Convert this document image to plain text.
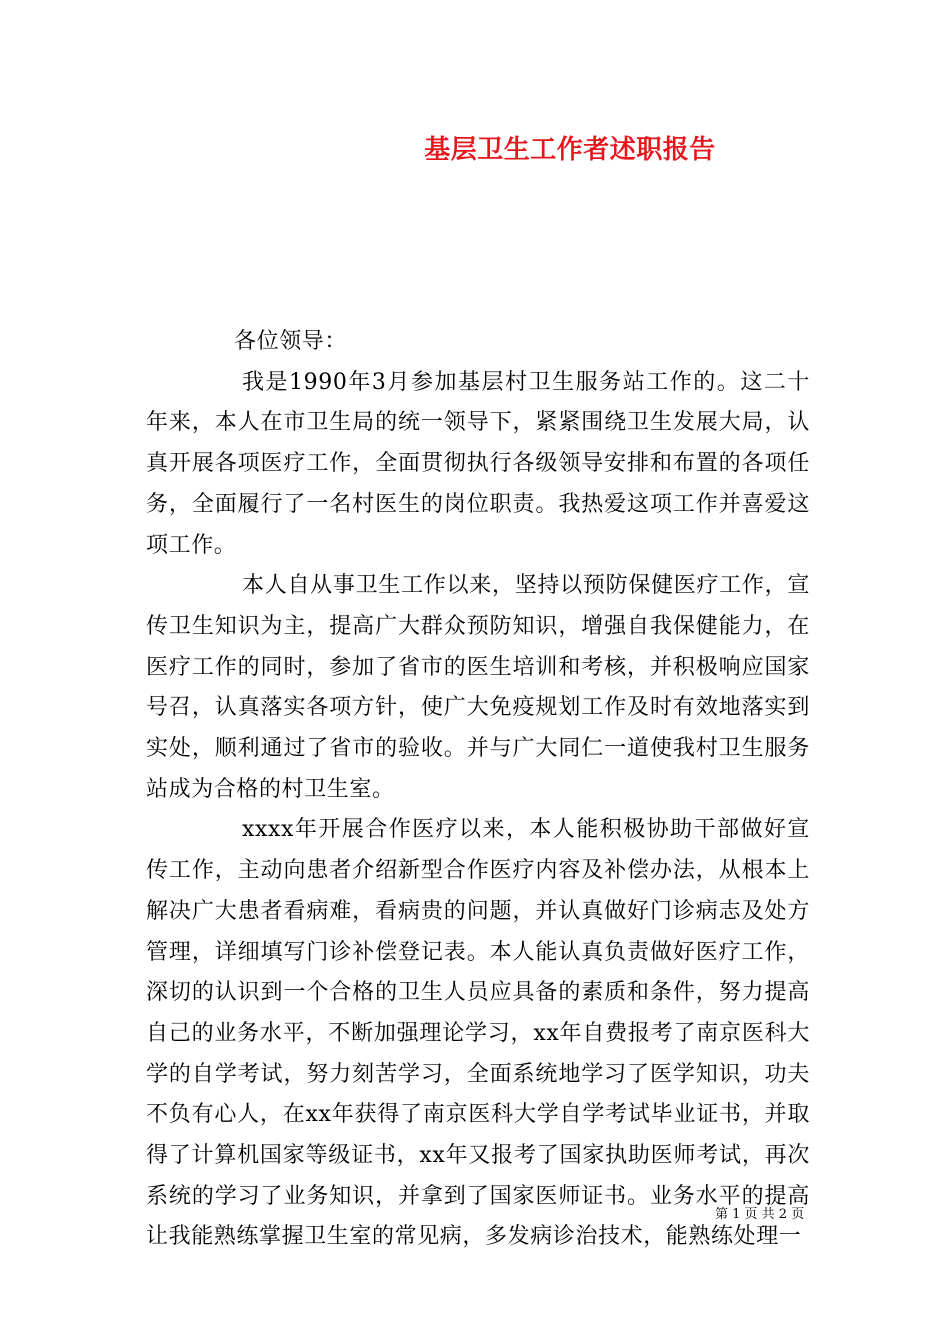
基层卫生工作者述职报告

各位领导：

我是1990年3月参加基层村卫生服务站工作的。这二十年来，本人在市卫生局的统一领导下，紧紧围绕卫生发展大局，认真开展各项医疗工作，全面贯彻执行各级领导安排和布置的各项任务，全面履行了一名村医生的岗位职责。我热爱这项工作并喜爱这项工作。

本人自从事卫生工作以来，坚持以预防保健医疗工作，宣传卫生知识为主，提高广大群众预防知识，增强自我保健能力，在医疗工作的同时，参加了省市的医生培训和考核，并积极响应国家号召，认真落实各项方针，使广大免疫规划工作及时有效地落实到实处，顺利通过了省市的验收。并与广大同仁一道使我村卫生服务站成为合格的村卫生室。

xxxx年开展合作医疗以来，本人能积极协助干部做好宣传工作，主动向患者介绍新型合作医疗内容及补偿办法，从根本上解决广大患者看病难，看病贵的问题，并认真做好门诊病志及处方管理，详细填写门诊补偿登记表。本人能认真负责做好医疗工作，深切的认识到一个合格的卫生人员应具备的素质和条件，努力提高自己的业务水平，不断加强理论学习，xx年自费报考了南京医科大学的自学考试，努力刻苦学习，全面系统地学习了医学知识，功夫不负有心人，在xx年获得了南京医科大学自学考试毕业证书，并取得了计算机国家等级证书，xx年又报考了国家执助医师考试，再次系统的学习了业务知识，并拿到了国家医师证书。业务水平的提高让我能熟练掌握卫生室的常见病，多发病诊治技术，能熟练处理一

第 1 页 共 2 页
